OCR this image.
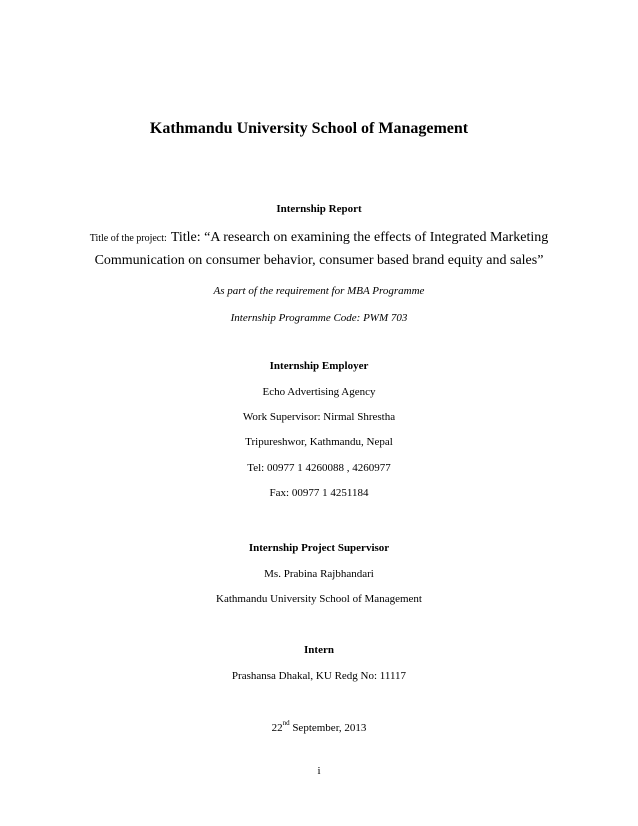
Kathmandu University School of Management
Internship Report
Title of the project: Title: “A research on examining the effects of Integrated Marketing
Communication on consumer behavior, consumer based brand equity and sales”
As part of the requirement for MBA Programme
Internship Programme Code: PWM 703
Internship Employer
Echo Advertising Agency
Work Supervisor: Nirmal Shrestha
Tripureshwor, Kathmandu, Nepal
Tel: 00977 1 4260088 , 4260977
Fax: 00977 1 4251184
Internship Project Supervisor
Ms. Prabina Rajbhandari
Kathmandu University School of Management
Intern
Prashansa Dhakal, KU Redg No: 11117
22nd September, 2013
i
